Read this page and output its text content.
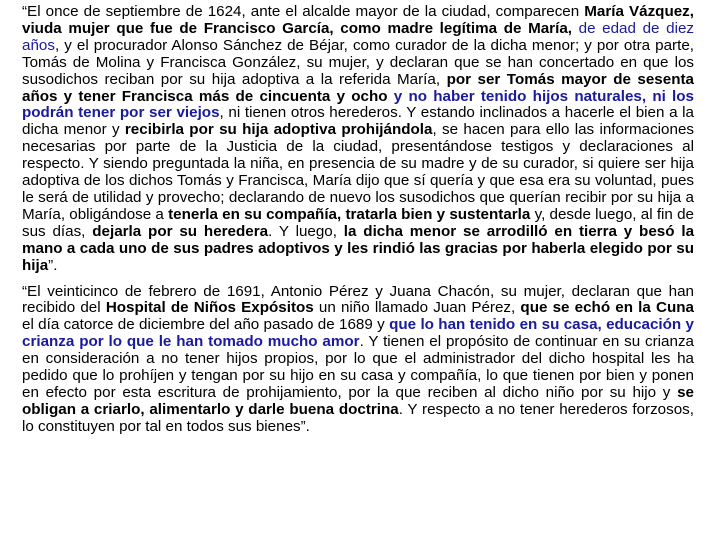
“El once de septiembre de 1624, ante el alcalde mayor de la ciudad, comparecen María Vázquez, viuda mujer que fue de Francisco García, como madre legítima de María, de edad de diez años, y el procurador Alonso Sánchez de Béjar, como curador de la dicha menor; y por otra parte, Tomás de Molina y Francisca González, su mujer, y declaran que se han concertado en que los susodichos reciban por su hija adoptiva a la referida María, por ser Tomás mayor de sesenta años y tener Francisca más de cincuenta y ocho y no haber tenido hijos naturales, ni los podrán tener por ser viejos, ni tienen otros herederos. Y estando inclinados a hacerle el bien a la dicha menor y recibirla por su hija adoptiva prohijándola, se hacen para ello las informaciones necesarias por parte de la Justicia de la ciudad, presentándose testigos y declaraciones al respecto. Y siendo preguntada la niña, en presencia de su madre y de su curador, si quiere ser hija adoptiva de los dichos Tomás y Francisca, María dijo que sí quería y que esa era su voluntad, pues le será de utilidad y provecho; declarando de nuevo los susodichos que querían recibir por su hija a María, obligándose a tenerla en su compañía, tratarla bien y sustentarla y, desde luego, al fin de sus días, dejarla por su heredera. Y luego, la dicha menor se arrodilló en tierra y besó la mano a cada uno de sus padres adoptivos y les rindió las gracias por haberla elegido por su hija”.

“El veinticinco de febrero de 1691, Antonio Pérez y Juana Chacón, su mujer, declaran que han recibido del Hospital de Niños Expósitos un niño llamado Juan Pérez, que se echó en la Cuna el día catorce de diciembre del año pasado de 1689 y que lo han tenido en su casa, educación y crianza por lo que le han tomado mucho amor. Y tienen el propósito de continuar en su crianza en consideración a no tener hijos propios, por lo que el administrador del dicho hospital les ha pedido que lo prohíjen y tengan por su hijo en su casa y compañía, lo que tienen por bien y ponen en efecto por esta escritura de prohijamiento, por la que reciben al dicho niño por su hijo y se obligan a criarlo, alimentarlo y darle buena doctrina. Y respecto a no tener herederos forzosos, lo constituyen por tal en todos sus bienes”.
